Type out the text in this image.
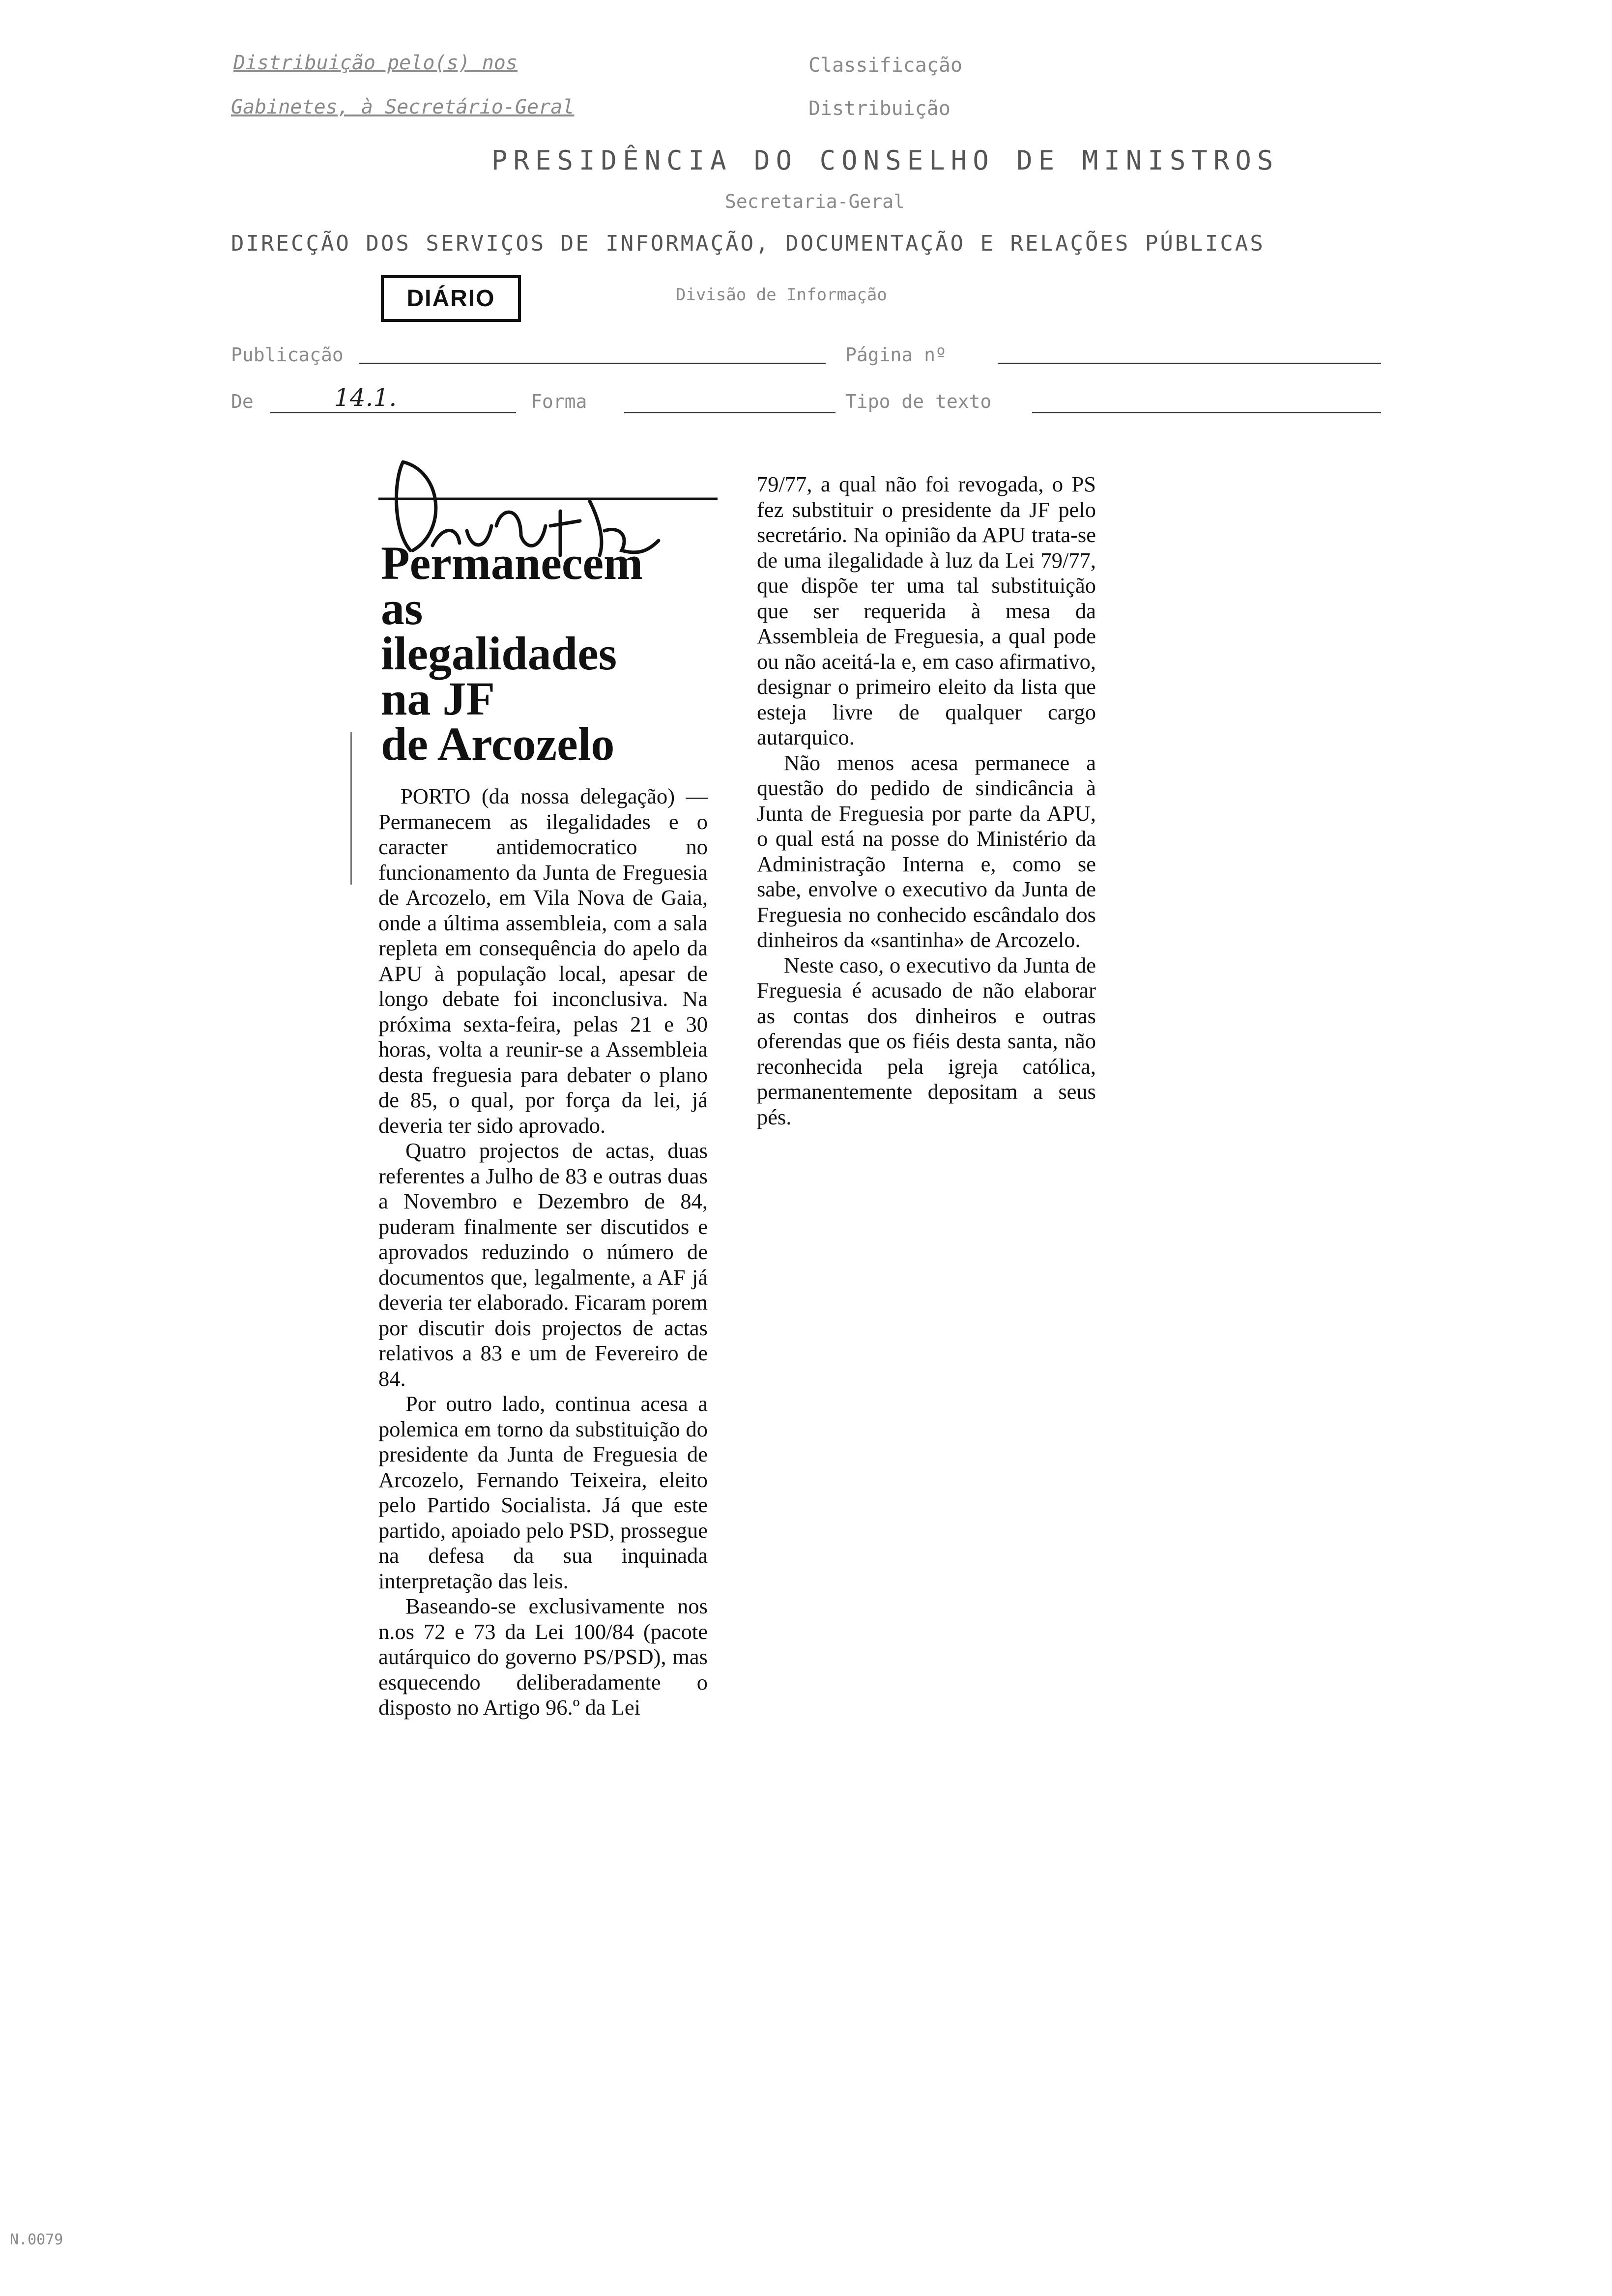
Distribuição pelo(s) nos
Gabinetes, à Secretário-Geral
Classificação
Distribuição
PRESIDÊNCIA DO CONSELHO DE MINISTROS
Secretaria-Geral
DIRECÇÃO DOS SERVIÇOS DE INFORMAÇÃO, DOCUMENTAÇÃO E RELAÇÕES PÚBLICAS
DIÁRIO	Divisão de Informação
Publicação	Página nº
De	14.1.	Forma	Tipo de texto
Depósito
Permanecem
as
ilegalidades
na JF
de Arcozelo

PORTO (da nossa delegação) — Permanecem as ilegalidades e o caracter antidemocratico no funcionamento da Junta de Freguesia de Arcozelo, em Vila Nova de Gaia, onde a última assembleia, com a sala repleta em consequência do apelo da APU à população local, apesar de longo debate foi inconclusiva. Na próxima sexta-feira, pelas 21 e 30 horas, volta a reunir-se a Assembleia desta freguesia para debater o plano de 85, o qual, por força da lei, já deveria ter sido aprovado.

Quatro projectos de actas, duas referentes a Julho de 83 e outras duas a Novembro e Dezembro de 84, puderam finalmente ser discutidos e aprovados reduzindo o número de documentos que, legalmente, a AF já deveria ter elaborado. Ficaram porem por discutir dois projectos de actas relativos a 83 e um de Fevereiro de 84.

Por outro lado, continua acesa a polemica em torno da substituição do presidente da Junta de Freguesia de Arcozelo, Fernando Teixeira, eleito pelo Partido Socialista. Já que este partido, apoiado pelo PSD, prossegue na defesa da sua inquinada interpretação das leis.

Baseando-se exclusivamente nos n.os 72 e 73 da Lei 100/84 (pacote autárquico do governo PS/PSD), mas esquecendo deliberadamente o disposto no Artigo 96.º da Lei

79/77, a qual não foi revogada, o PS fez substituir o presidente da JF pelo secretário. Na opinião da APU trata-se de uma ilegalidade à luz da Lei 79/77, que dispõe ter uma tal substituição que ser requerida à mesa da Assembleia de Freguesia, a qual pode ou não aceitá-la e, em caso afirmativo, designar o primeiro eleito da lista que esteja livre de qualquer cargo autarquico.

Não menos acesa permanece a questão do pedido de sindicância à Junta de Freguesia por parte da APU, o qual está na posse do Ministério da Administração Interna e, como se sabe, envolve o executivo da Junta de Freguesia no conhecido escândalo dos dinheiros da «santinha» de Arcozelo.

Neste caso, o executivo da Junta de Freguesia é acusado de não elaborar as contas dos dinheiros e outras oferendas que os fiéis desta santa, não reconhecida pela igreja católica, permanentemente depositam a seus pés.

N.0079
